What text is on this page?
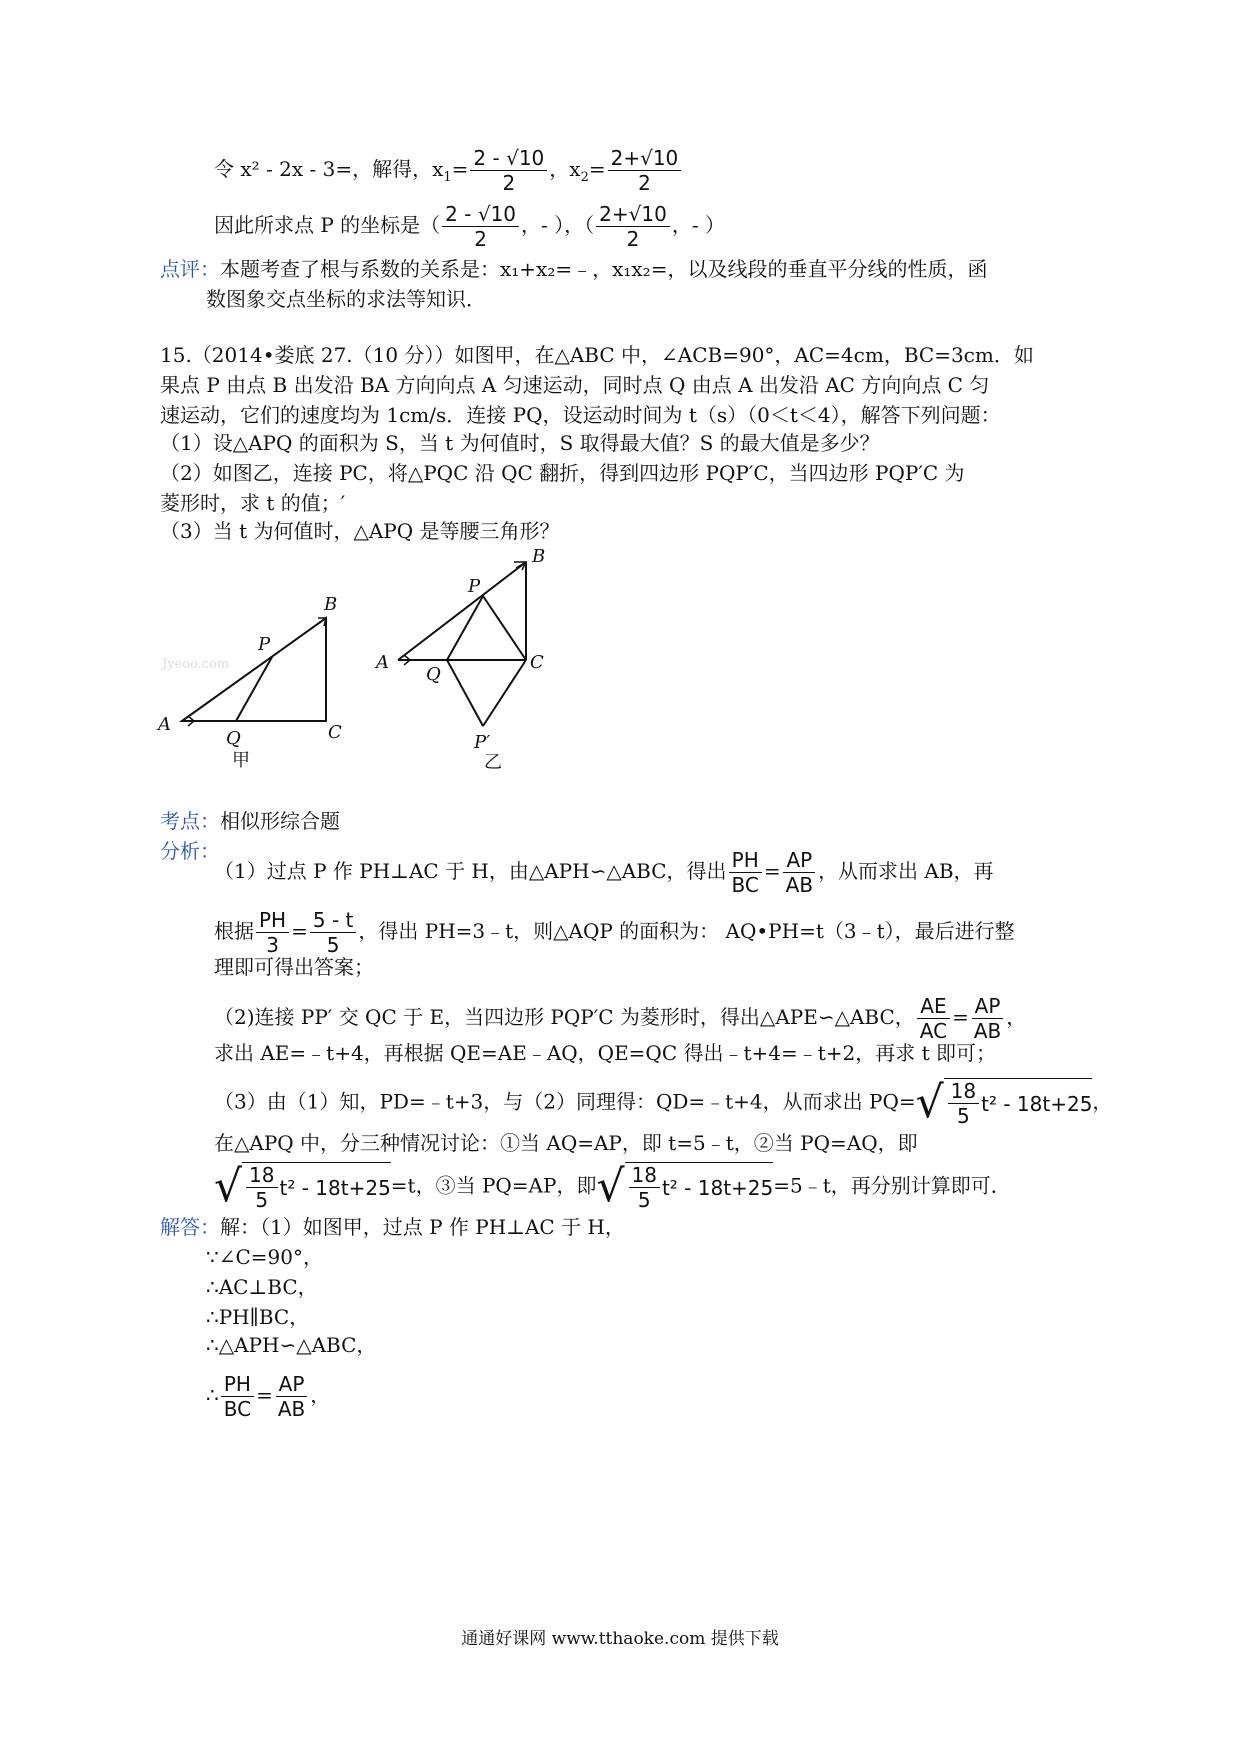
令 x² - 2x - 3=，解得，$x_1= \frac{2 - √10}{2}$ ，$x_2= \frac{2+√10}{2}$
因此所求点 P 的坐标是（ $\frac{2 - √10}{2}$ ，- ），（ $\frac{2+√10}{2}$ ，- ）
点评：本题考查了根与系数的关系是：x₁+x₂=﹣，x₁x₂=，以及线段的垂直平分线的性质，函
数图象交点坐标的求法等知识．
15.（2014•娄底 27.（10 分））如图甲，在△ABC 中，∠ACB=90°，AC=4cm，BC=3cm．如
果点 P 由点 B 出发沿 BA 方向向点 A 匀速运动，同时点 Q 由点 A 出发沿 AC 方向向点 C 匀
速运动，它们的速度均为 1cm/s．连接 PQ，设运动时间为 t（s）（0＜t＜4），解答下列问题：
（1）设△APQ 的面积为 S，当 t 为何值时，S 取得最大值？S 的最大值是多少？
（2）如图乙，连接 PC，将△PQC 沿 QC 翻折，得到四边形 PQP′C，当四边形 PQP′C 为
菱形时，求 t 的值；′
（3）当 t 为何值时，△APQ 是等腰三角形？
Jyeoo.com
A
B
C
P
Q
甲
A
B
C
P
Q
P′
乙
考点：相似形综合题
分析：
（1）过点 P 作 PH⊥AC 于 H，由△APH∽△ABC，得出 $\frac{PH}{BC} = \frac{AP}{AB}$ ，从而求出 AB，再
根据 $\frac{PH}{3} = \frac{5 - t}{5}$ ，得出 PH=3﹣t，则△AQP 的面积为： AQ•PH=t（3﹣t），最后进行整
理即可得出答案；
（2)连接 PP′ 交 QC 于 E，当四边形 PQP′C 为菱形时，得出△APE∽△ABC， $\frac{AE}{AC} = \frac{AP}{AB}$ ，
求出 AE=﹣t+4，再根据 QE=AE﹣AQ，QE=QC 得出﹣t+4=﹣t+2，再求 t 即可；
（3）由（1）知，PD=﹣t+3，与（2）同理得：QD=﹣t+4，从而求出 PQ= √ $\frac{18}{5} t^2 - 18t+25$ ，
在△APQ 中，分三种情况讨论：①当 AQ=AP，即 t=5﹣t，②当 PQ=AQ，即
√ $\frac{18}{5} t^2 - 18t+25 =t$，③当 PQ=AP，即 √ $\frac{18}{5} t^2 - 18t+25$ =5﹣t，再分别计算即可．
解答：解：（1）如图甲，过点 P 作 PH⊥AC 于 H，
∵∠C=90°，
∴AC⊥BC，
∴PH∥BC，
∴△APH∽△ABC，
∴ $\frac{PH}{BC} = \frac{AP}{AB}$ ，
通通好课网 www.tthaoke.com 提供下载
